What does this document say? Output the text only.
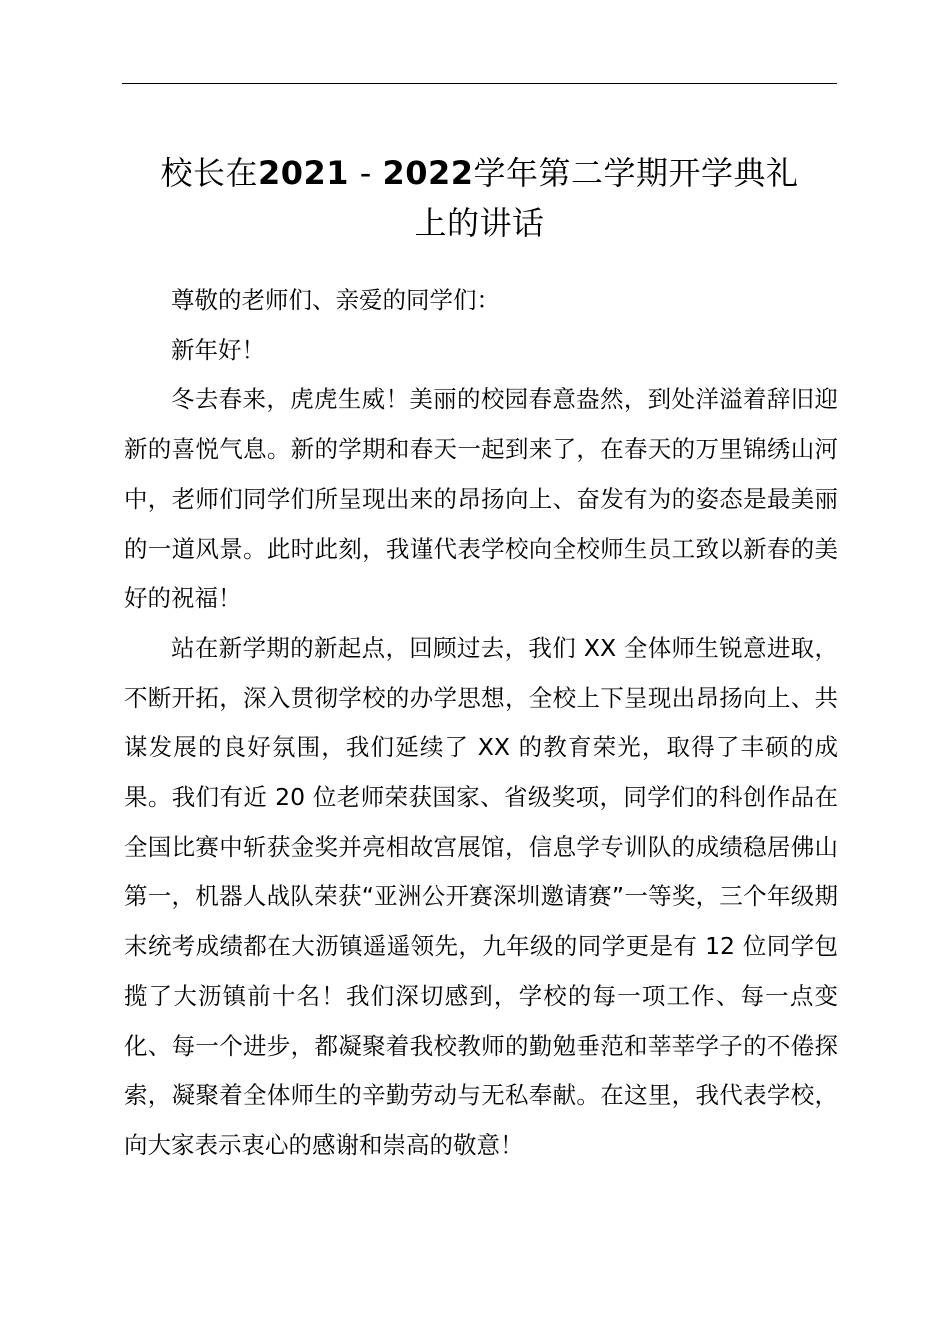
校长在2021 - 2022学年第二学期开学典礼
上的讲话

尊敬的老师们、亲爱的同学们：

新年好！

冬去春来，虎虎生威！美丽的校园春意盎然，到处洋溢着辞旧迎新的喜悦气息。新的学期和春天一起到来了，在春天的万里锦绣山河中，老师们同学们所呈现出来的昂扬向上、奋发有为的姿态是最美丽的一道风景。此时此刻，我谨代表学校向全校师生员工致以新春的美好的祝福！

站在新学期的新起点，回顾过去，我们 XX 全体师生锐意进取，不断开拓，深入贯彻学校的办学思想，全校上下呈现出昂扬向上、共谋发展的良好氛围，我们延续了 XX 的教育荣光，取得了丰硕的成果。我们有近 20 位老师荣获国家、省级奖项，同学们的科创作品在全国比赛中斩获金奖并亮相故宫展馆，信息学专训队的成绩稳居佛山第一，机器人战队荣获“亚洲公开赛深圳邀请赛”一等奖，三个年级期末统考成绩都在大沥镇遥遥领先，九年级的同学更是有 12 位同学包揽了大沥镇前十名！我们深切感到，学校的每一项工作、每一点变化、每一个进步，都凝聚着我校教师的勤勉垂范和莘莘学子的不倦探索，凝聚着全体师生的辛勤劳动与无私奉献。在这里，我代表学校，向大家表示衷心的感谢和崇高的敬意！
